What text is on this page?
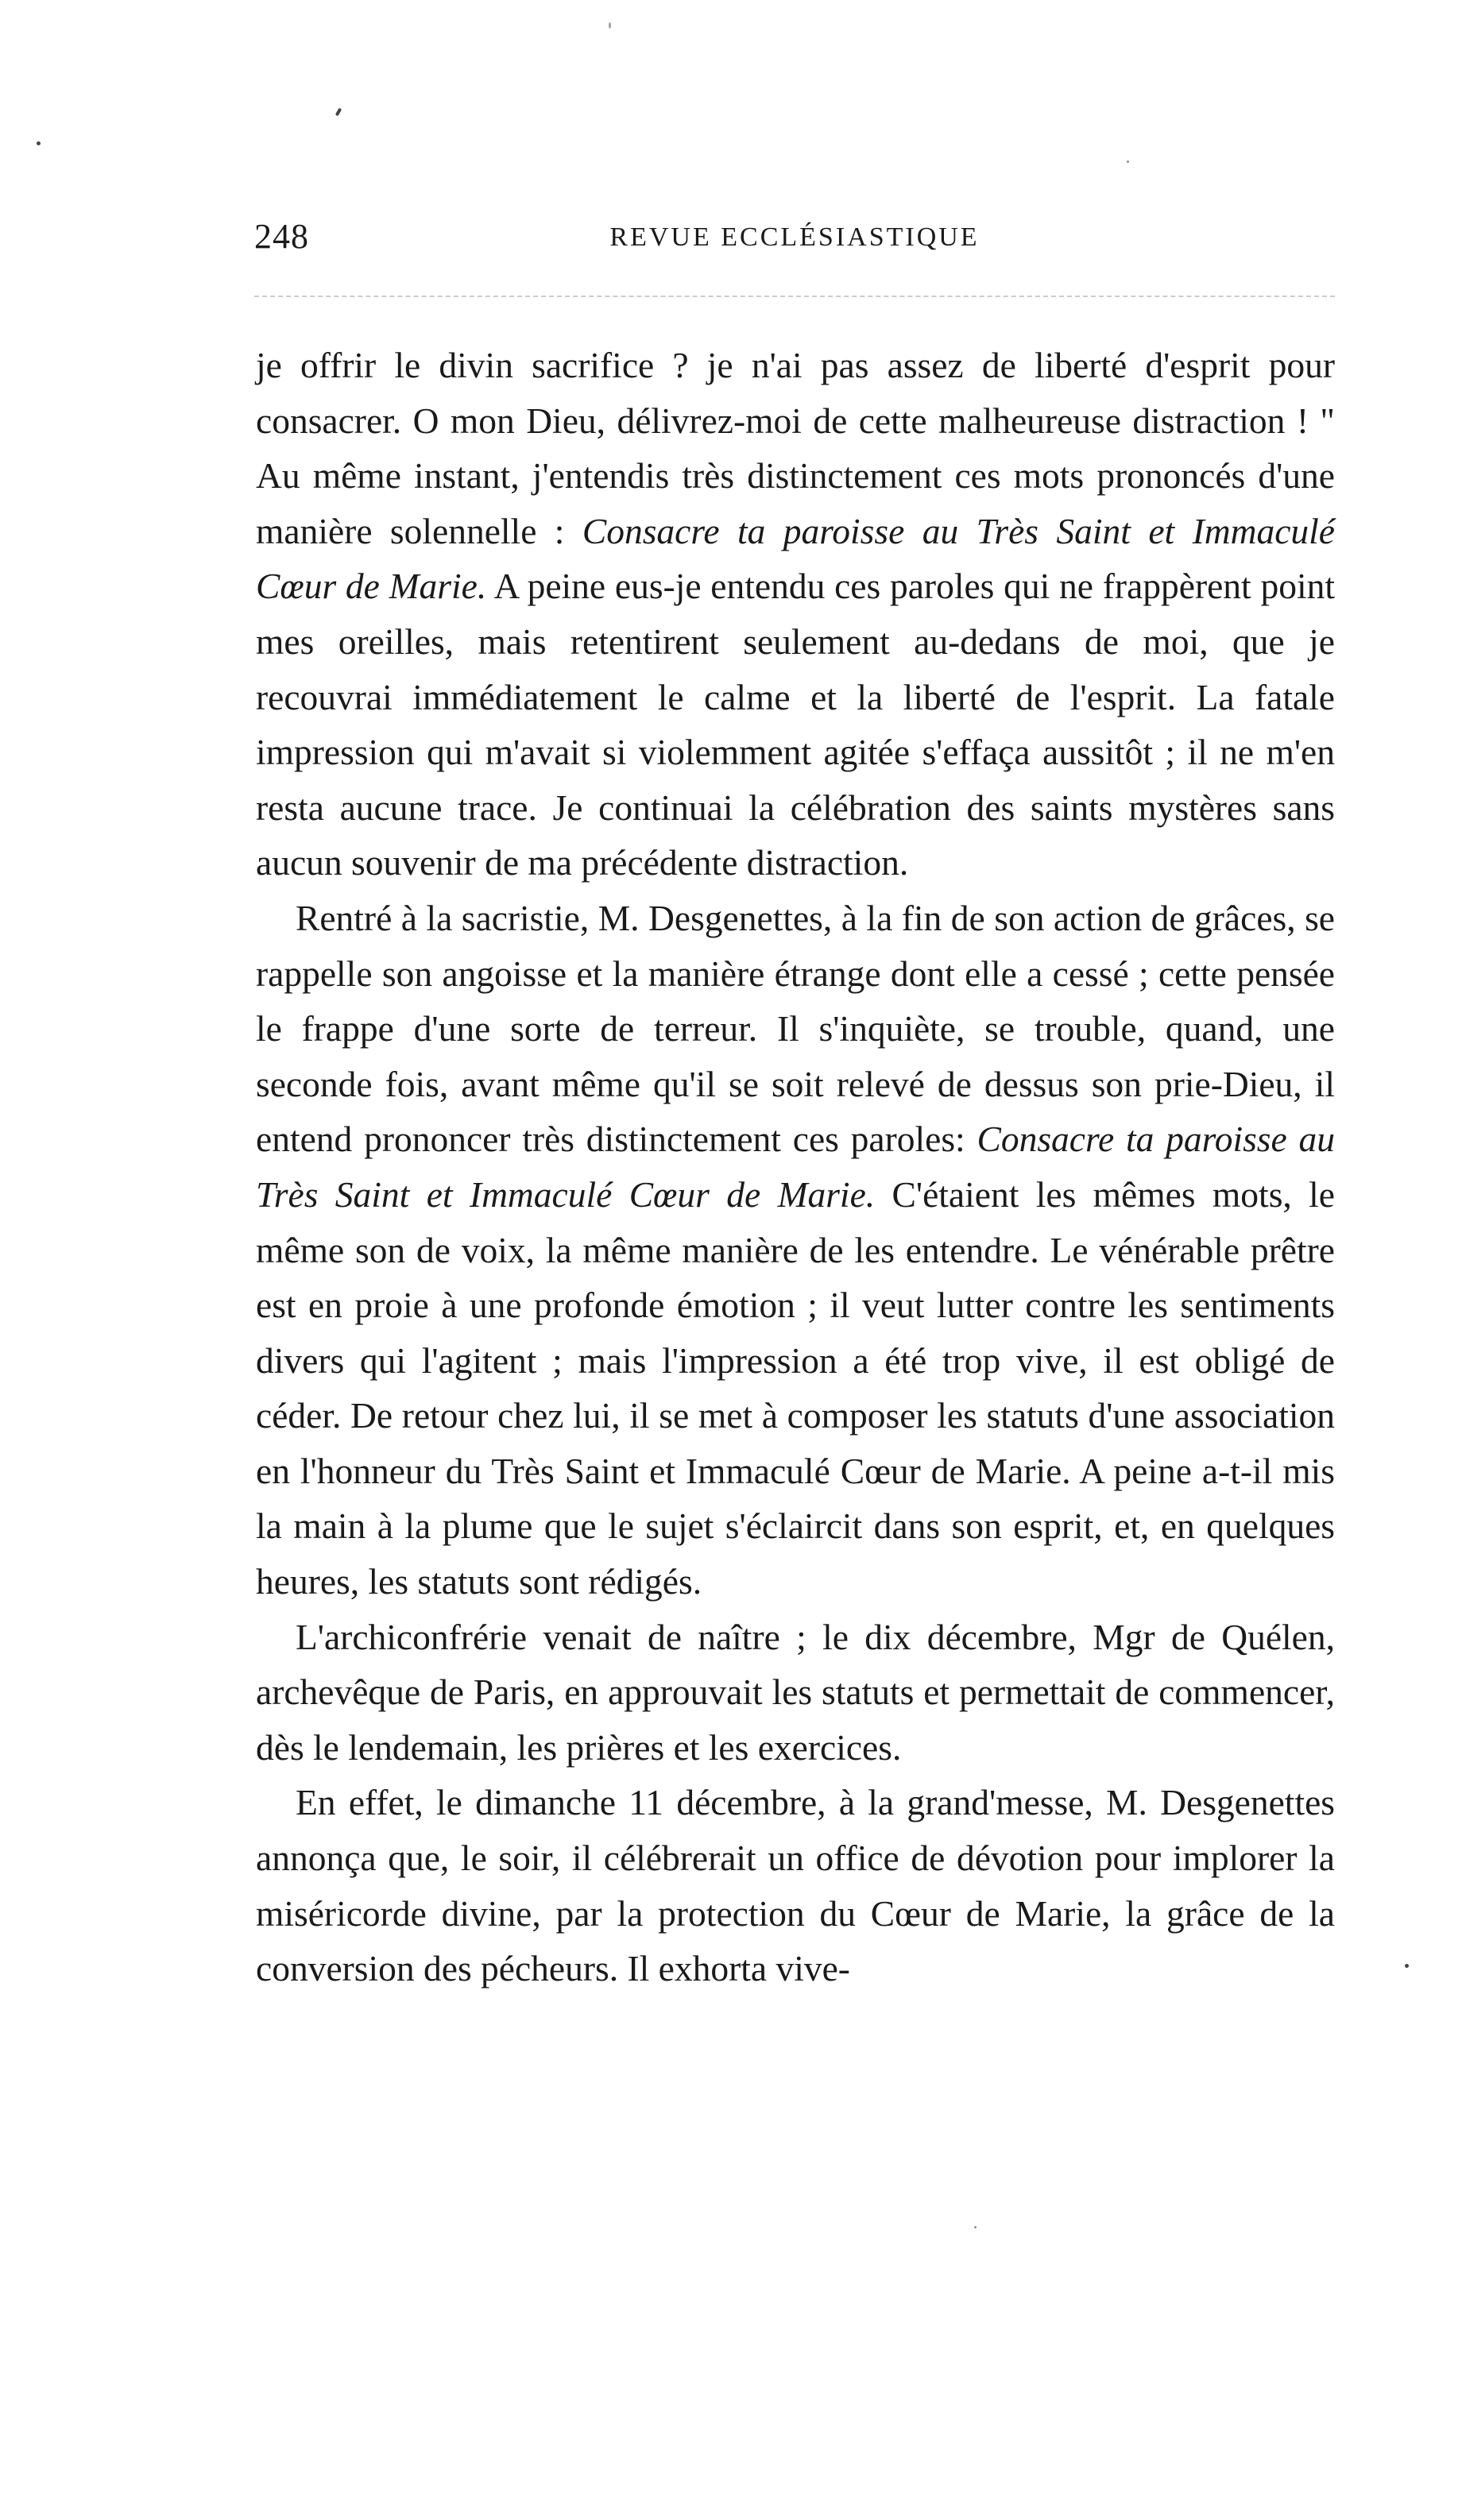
248	REVUE ECCLÉSIASTIQUE

je offrir le divin sacrifice ? je n'ai pas assez de liberté d'esprit pour consacrer. O mon Dieu, délivrez-moi de cette malheureuse distraction ! " Au même instant, j'entendis très distinctement ces mots prononcés d'une manière solennelle : Consacre ta paroisse au Très Saint et Immaculé Cœur de Marie. A peine eus-je entendu ces paroles qui ne frappèrent point mes oreilles, mais retentirent seulement au-dedans de moi, que je recouvrai immédiatement le calme et la liberté de l'esprit. La fatale impression qui m'avait si violemment agitée s'effaça aussitôt ; il ne m'en resta aucune trace. Je continuai la célébration des saints mystères sans aucun souvenir de ma précédente distraction.

Rentré à la sacristie, M. Desgenettes, à la fin de son action de grâces, se rappelle son angoisse et la manière étrange dont elle a cessé ; cette pensée le frappe d'une sorte de terreur. Il s'inquiète, se trouble, quand, une seconde fois, avant même qu'il se soit relevé de dessus son prie-Dieu, il entend prononcer très distinctement ces paroles: Consacre ta paroisse au Très Saint et Immaculé Cœur de Marie. C'étaient les mêmes mots, le même son de voix, la même manière de les entendre. Le vénérable prêtre est en proie à une profonde émotion ; il veut lutter contre les sentiments divers qui l'agitent ; mais l'impression a été trop vive, il est obligé de céder. De retour chez lui, il se met à composer les statuts d'une association en l'honneur du Très Saint et Immaculé Cœur de Marie. A peine a-t-il mis la main à la plume que le sujet s'éclaircit dans son esprit, et, en quelques heures, les statuts sont rédigés.

L'archiconfrérie venait de naître ; le dix décembre, Mgr de Quélen, archevêque de Paris, en approuvait les statuts et permettait de commencer, dès le lendemain, les prières et les exercices.

En effet, le dimanche 11 décembre, à la grand'messe, M. Desgenettes annonça que, le soir, il célébrerait un office de dévotion pour implorer la miséricorde divine, par la protection du Cœur de Marie, la grâce de la conversion des pécheurs. Il exhorta vive-
